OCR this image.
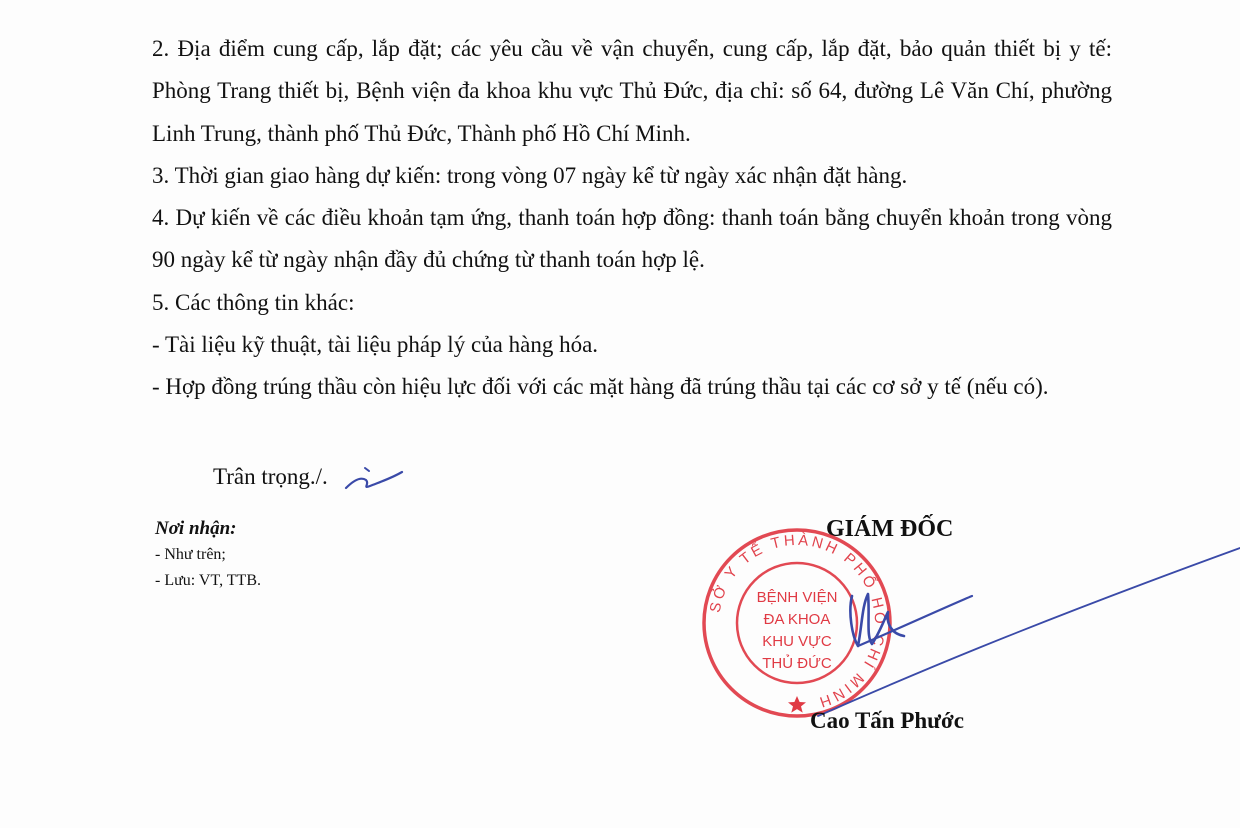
2. Địa điểm cung cấp, lắp đặt; các yêu cầu về vận chuyển, cung cấp, lắp đặt, bảo quản thiết bị y tế: Phòng Trang thiết bị, Bệnh viện đa khoa khu vực Thủ Đức, địa chỉ: số 64, đường Lê Văn Chí, phường Linh Trung, thành phố Thủ Đức, Thành phố Hồ Chí Minh.

3. Thời gian giao hàng dự kiến: trong vòng 07 ngày kể từ ngày xác nhận đặt hàng.

4. Dự kiến về các điều khoản tạm ứng, thanh toán hợp đồng: thanh toán bằng chuyển khoản trong vòng 90 ngày kể từ ngày nhận đầy đủ chứng từ thanh toán hợp lệ.

5. Các thông tin khác:

- Tài liệu kỹ thuật, tài liệu pháp lý của hàng hóa.

- Hợp đồng trúng thầu còn hiệu lực đối với các mặt hàng đã trúng thầu tại các cơ sở y tế (nếu có).

Trân trọng./.
Nơi nhận:
- Như trên;
- Lưu: VT, TTB.
GIÁM ĐỐC
SỞ Y TẾ THÀNH PHỐ HỒ CHÍ MINH
BỆNH VIỆN
ĐA KHOA
KHU VỰC
THỦ ĐỨC
Cao Tấn Phước
